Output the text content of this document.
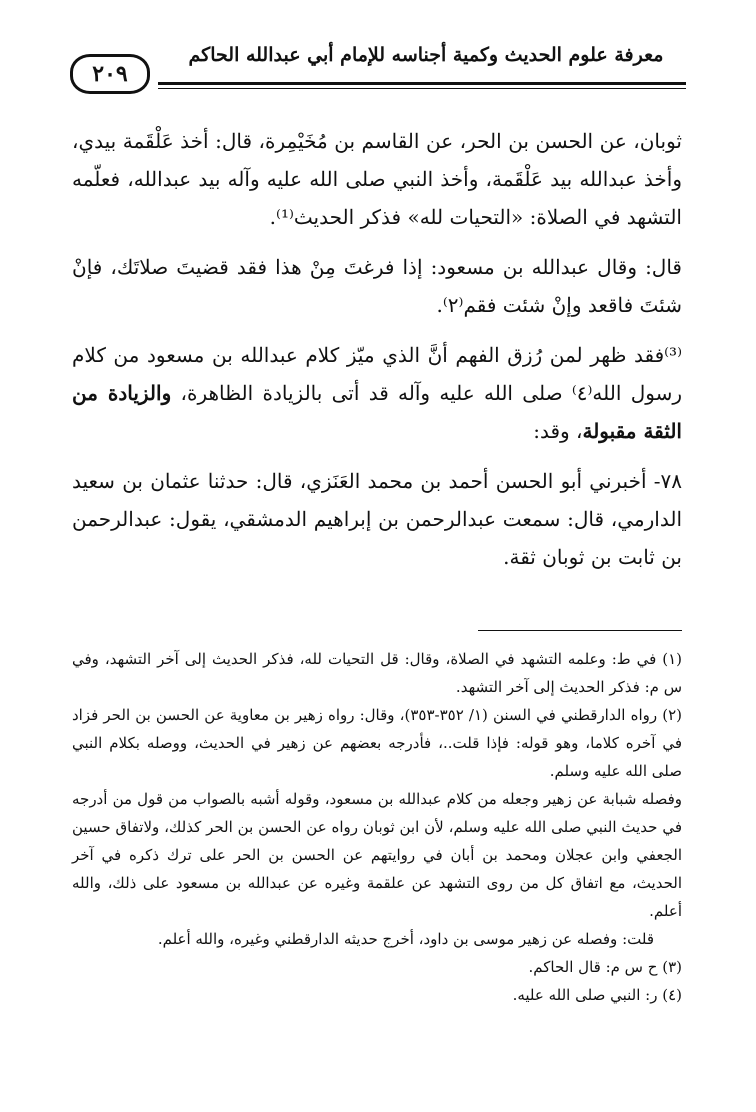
معرفة علوم الحديث وكمية أجناسه للإمام أبي عبدالله الحاكم
٢٠٩

ثوبان، عن الحسن بن الحر، عن القاسم بن مُخَيْمِرة، قال: أخذ عَلْقَمة بيدي، وأخذ عبدالله بيد عَلْقَمة، وأخذ النبي صلى الله عليه وآله بيد عبدالله، فعلّمه التشهد في الصلاة: «التحيات لله» فذكر الحديث⁽¹⁾.

قال: وقال عبدالله بن مسعود: إذا فرغتَ مِنْ هذا فقد قضيتَ صلاتَك، فإنْ شئتَ فاقعد وإنْ شئت فقم⁽٢⁾.

⁽³⁾فقد ظهر لمن رُزق الفهم أنَّ الذي ميّز كلام عبدالله بن مسعود من كلام رسول الله⁽٤⁾ صلى الله عليه وآله قد أتى بالزيادة الظاهرة، والزيادة من الثقة مقبولة، وقد:

٧٨- أخبرني أبو الحسن أحمد بن محمد العَنَزي، قال: حدثنا عثمان بن سعيد الدارمي، قال: سمعت عبدالرحمن بن إبراهيم الدمشقي، يقول: عبدالرحمن بن ثابت بن ثوبان ثقة.

(١) في ط: وعلمه التشهد في الصلاة، وقال: قل التحيات لله، فذكر الحديث إلى آخر التشهد، وفي س م: فذكر الحديث إلى آخر التشهد.

(٢) رواه الدارقطني في السنن (١/ ٣٥٢-٣٥٣)، وقال: رواه زهير بن معاوية عن الحسن بن الحر فزاد في آخره كلاما، وهو قوله: فإذا قلت..، فأدرجه بعضهم عن زهير في الحديث، ووصله بكلام النبي صلى الله عليه وسلم.

وفصله شبابة عن زهير وجعله من كلام عبدالله بن مسعود، وقوله أشبه بالصواب من قول من أدرجه في حديث النبي صلى الله عليه وسلم، لأن ابن ثوبان رواه عن الحسن بن الحر كذلك، ولاتفاق حسين الجعفي وابن عجلان ومحمد بن أبان في روايتهم عن الحسن بن الحر على ترك ذكره في آخر الحديث، مع اتفاق كل من روى التشهد عن علقمة وغيره عن عبدالله بن مسعود على ذلك، والله أعلم.

قلت: وفصله عن زهير موسى بن داود، أخرج حديثه الدارقطني وغيره، والله أعلم.

(٣) ح س م: قال الحاكم.

(٤) ر: النبي صلى الله عليه.
